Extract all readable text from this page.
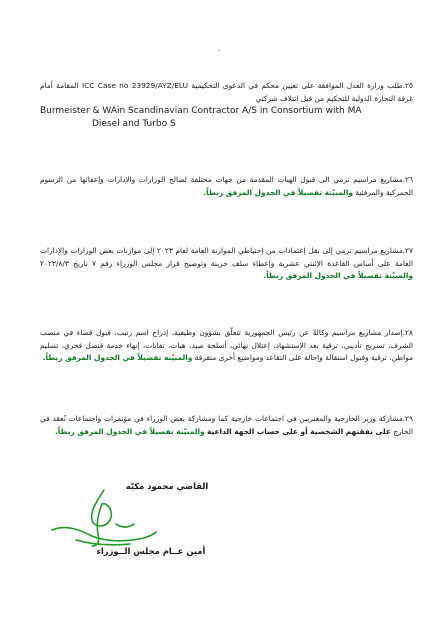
.

٢٥.طلب وزارة العدل الموافقة على تعيين محكم في الدعوى التحكيمية ICC Case no 23929/AYZ/ELU المقامة أمام غرفة التجارة الدولية للتحكيم من قبل ائتلاف شركتي

Burmeister & WAin Scandinavian Contractor A/S in Consortium with MA
Diesel and Turbo S

٢٦.مشاريع مراسيم ترمي الى قبول الهبات المقدمة من جهات مختلفة لصالح الوزارات والإدارات وإعفائها من الرسوم الجمركية والمرفئية والمبيّنة تفصيلاً في الجدول المرفق ربطاً.

٢٧.مشاريع مراسيم ترمي إلى نقل إعتمادات من إحتياطي الموازنة العامة لعام ٢٠٢٣ إلى موازنات بعض الوزارات والإدارات العامة على أساس القاعدة الإثنتي عشرية وإعطاء سلف خزينة وتوضيح قرار مجلس الوزراء رقم ٧ تاريخ ٢٠٢٣/٨/٣ والمبيّنة تفصيلاً في الجدول المرفق ربطاً.

٢٨.إصدار مشاريع مراسيم وكالةً عن رئيس الجمهورية تتعلّق بشؤون وظيفية، إدراج اسم رتيب، قبول قضاء في منصب الشرف، تسريح تأديبي، ترقية بعد الإستشهاد، إعتلال نهائي، أسلحة صيد، هبات، تفايات، إنهاء خدمة قنصل فخري، تسليم مواطن، ترقية وقبول استقالة وإحالة على التقاعد ومواضيع أخرى متفرقة والمبيّنة تفصيلاً في الجدول المرفق ربطاً.

٢٩.مشاركة وزير الخارجية والمغتربين في اجتماعات خارجية كما ومشاركة بعض الوزراء في مؤتمرات واجتماعات تُعقد في الخارج على نفقتهم الشخصية أو على حساب الجهة الداعية والمبيّنة تفصيلاً في الجدول المرفق ربطاً.

القاضي محمود مكيّه
أمين عــام مجلس الــوزراء
